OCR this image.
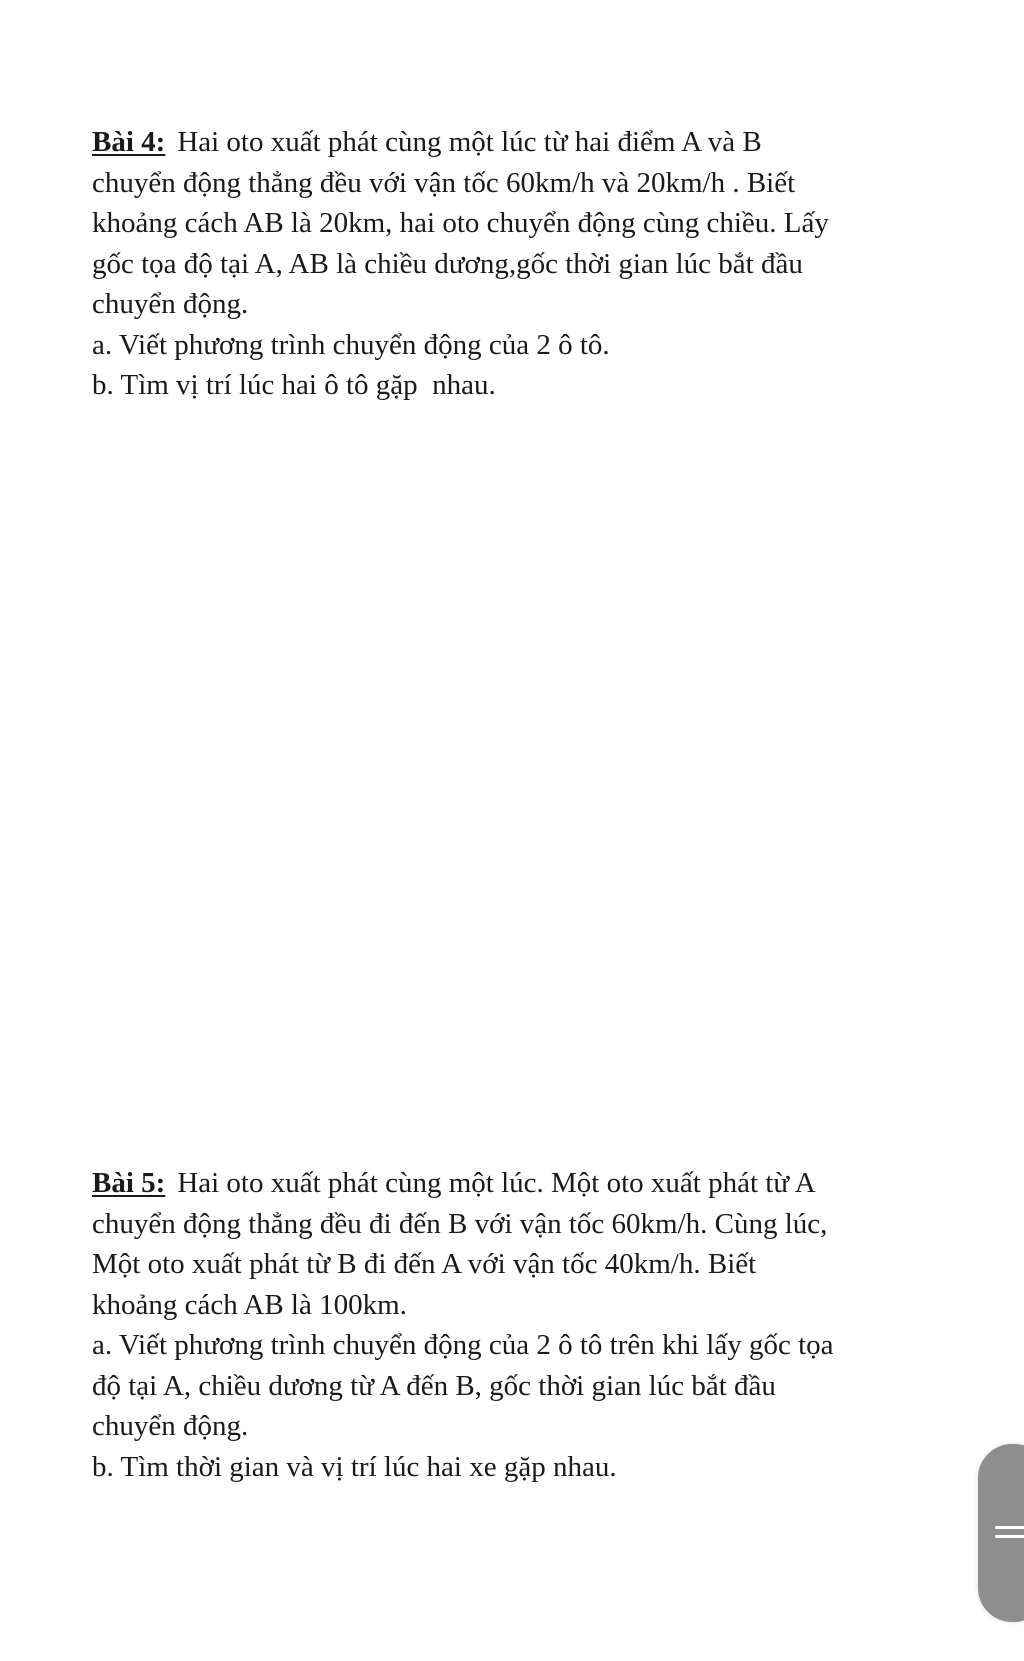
Bài 4: Hai oto xuất phát cùng một lúc từ hai điểm A và B

chuyển động thẳng đều với vận tốc 60km/h và 20km/h . Biết

khoảng cách AB là 20km, hai oto chuyển động cùng chiều. Lấy

gốc tọa độ tại A, AB là chiều dương,gốc thời gian lúc bắt đầu

chuyển động.

a. Viết phương trình chuyển động của 2 ô tô.

b. Tìm vị trí lúc hai ô tô gặp  nhau.

Bài 5: Hai oto xuất phát cùng một lúc. Một oto xuất phát từ A

chuyển động thẳng đều đi đến B với vận tốc 60km/h. Cùng lúc,

Một oto xuất phát từ B đi đến A với vận tốc 40km/h. Biết

khoảng cách AB là 100km.

a. Viết phương trình chuyển động của 2 ô tô trên khi lấy gốc tọa

độ tại A, chiều dương từ A đến B, gốc thời gian lúc bắt đầu

chuyển động.

b. Tìm thời gian và vị trí lúc hai xe gặp nhau.
